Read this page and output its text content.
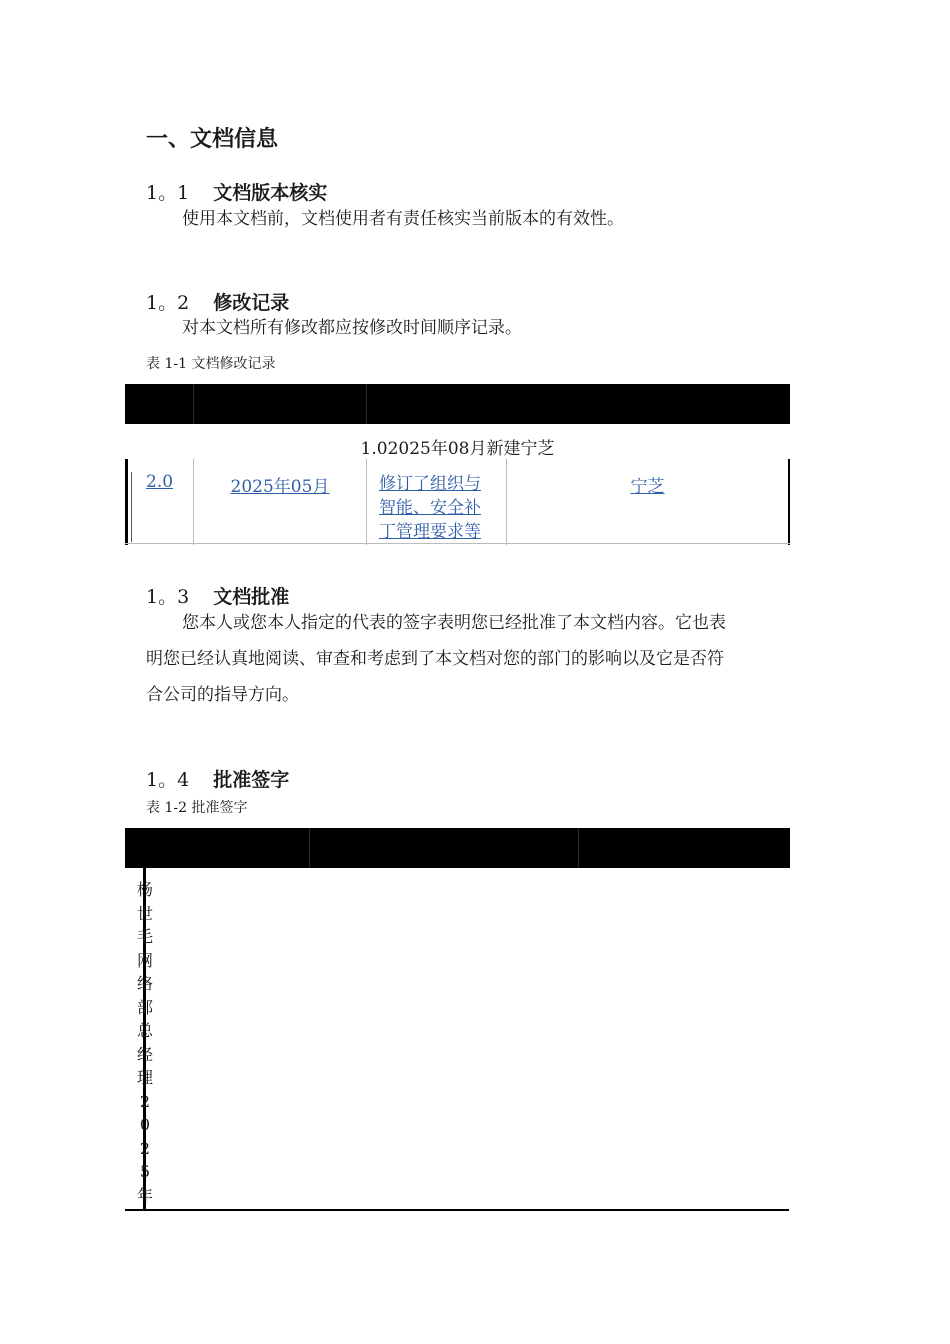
一、文档信息
1。1 文档版本核实
使用本文档前，文档使用者有责任核实当前版本的有效性。
1。2 修改记录
对本文档所有修改都应按修改时间顺序记录。
表 1-1 文档修改记录
1.02025年08月新建宁芝
2.0	2025年05月	修订了组织与
智能、安全补
丁管理要求等
宁芝
1。3 文档批准
您本人或您本人指定的代表的签字表明您已经批准了本文档内容。它也表
明您已经认真地阅读、审查和考虑到了本文档对您的部门的影响以及它是否符
合公司的指导方向。
1。4 批准签字
表 1-2 批准签字
杨
世
毛
网
络
部
总
经
理
2
0
2
5
年
